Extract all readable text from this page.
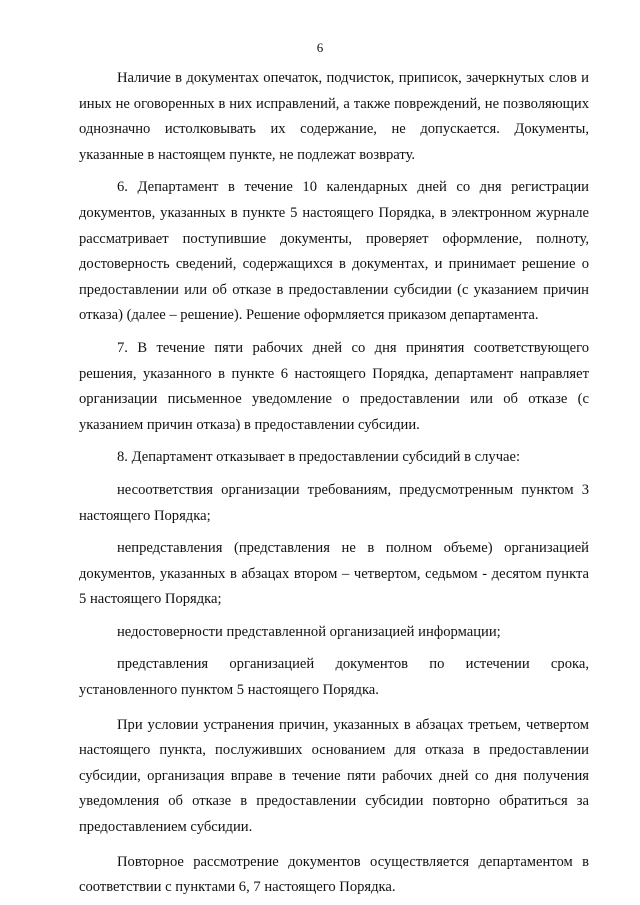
6

Наличие в документах опечаток, подчисток, приписок, зачеркнутых слов и иных не оговоренных в них исправлений, а также повреждений, не позволяющих однозначно истолковывать их содержание, не допускается. Документы, указанные в настоящем пункте, не подлежат возврату.

6. Департамент в течение 10 календарных дней со дня регистрации документов, указанных в пункте 5 настоящего Порядка, в электронном журнале рассматривает поступившие документы, проверяет оформление, полноту, достоверность сведений, содержащихся в документах, и принимает решение о предоставлении или об отказе в предоставлении субсидии (с указанием причин отказа) (далее – решение). Решение оформляется приказом департамента.

7. В течение пяти рабочих дней со дня принятия соответствующего решения, указанного в пункте 6 настоящего Порядка, департамент направляет организации письменное уведомление о предоставлении или об отказе (с указанием причин отказа) в предоставлении субсидии.

8. Департамент отказывает в предоставлении субсидий в случае:

несоответствия организации требованиям, предусмотренным пунктом 3 настоящего Порядка;

непредставления (представления не в полном объеме) организацией документов, указанных в абзацах втором – четвертом, седьмом - десятом пункта 5 настоящего Порядка;

недостоверности представленной организацией информации;

представления организацией документов по истечении срока, установленного пунктом 5 настоящего Порядка.

При условии устранения причин, указанных в абзацах третьем, четвертом настоящего пункта, послуживших основанием для отказа в предоставлении субсидии, организация вправе в течение пяти рабочих дней со дня получения уведомления об отказе в предоставлении субсидии повторно обратиться за предоставлением субсидии.

Повторное рассмотрение документов осуществляется департаментом в соответствии с пунктами 6, 7 настоящего Порядка.
